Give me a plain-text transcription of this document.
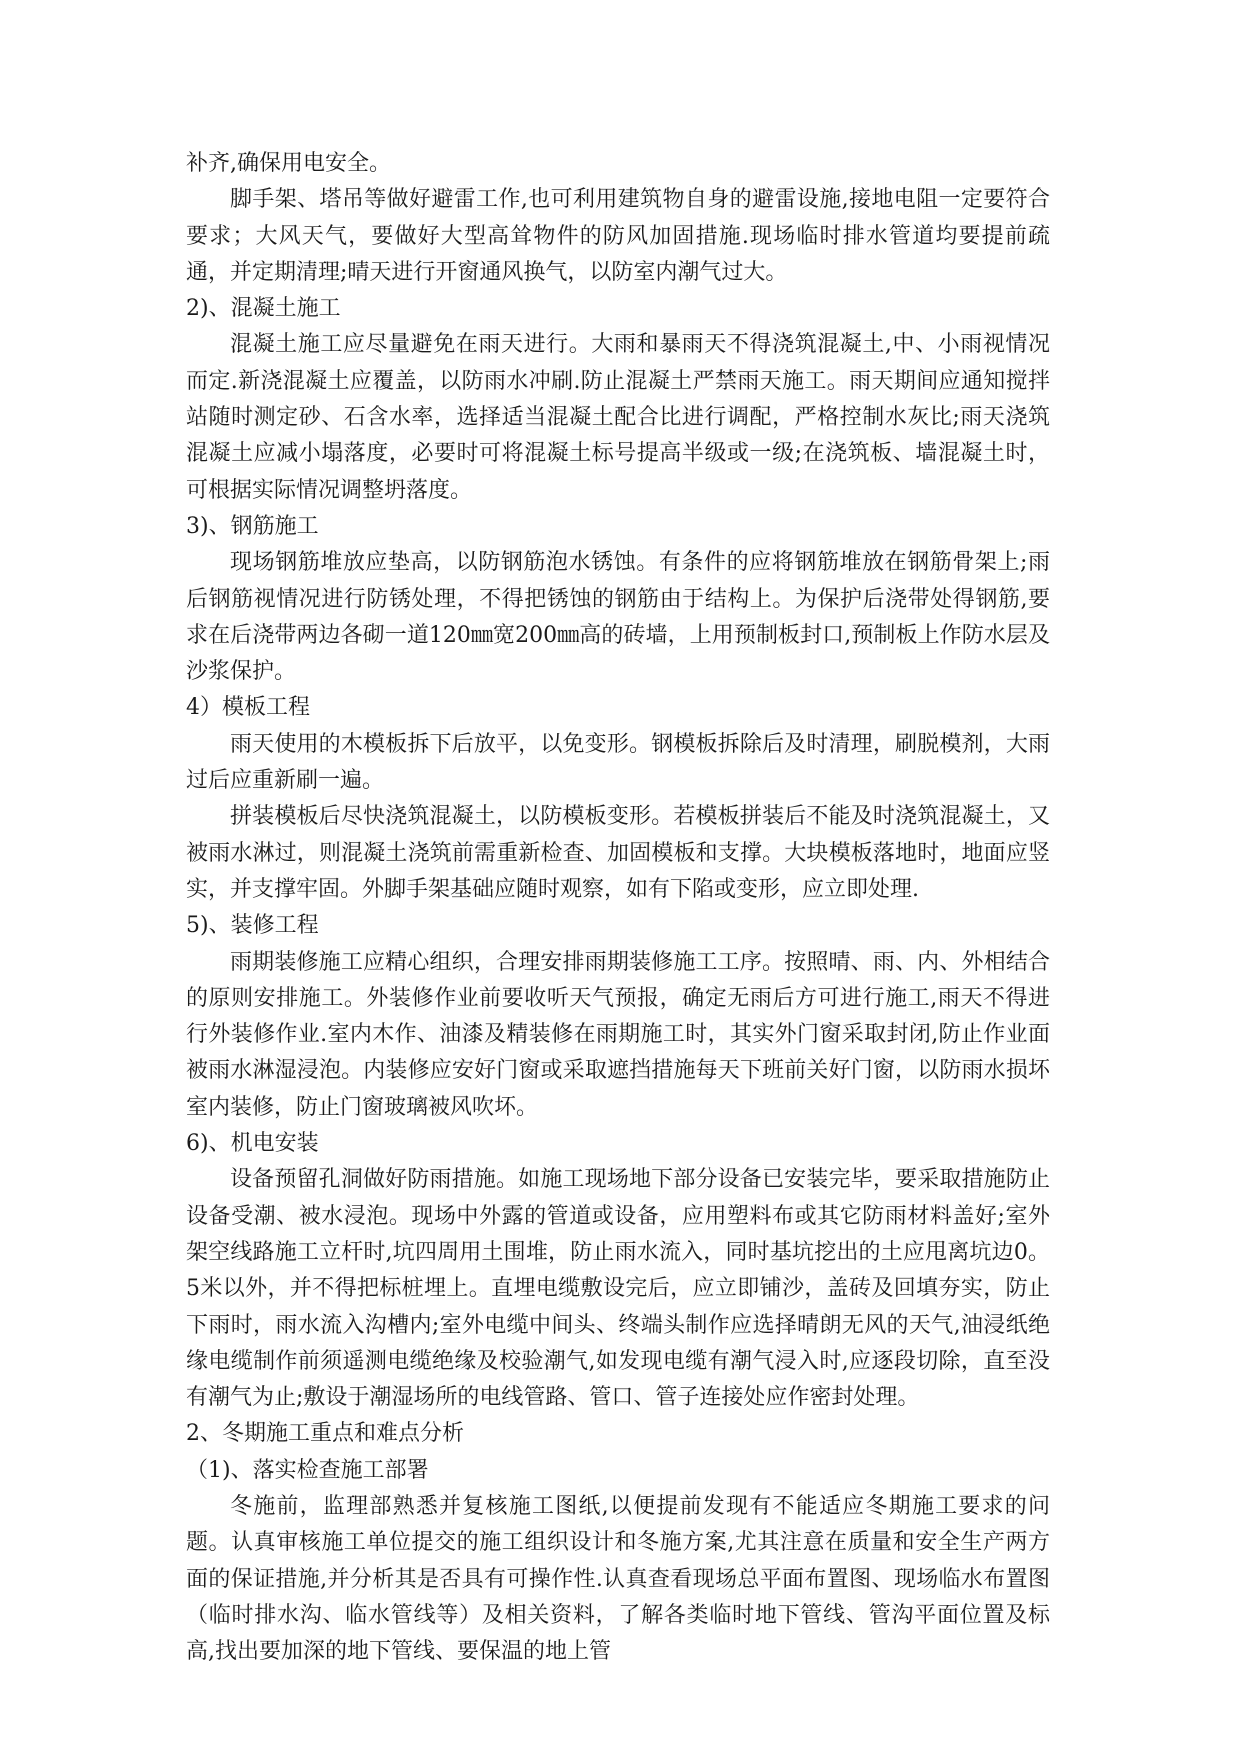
补齐,确保用电安全。

脚手架、塔吊等做好避雷工作,也可利用建筑物自身的避雷设施,接地电阻一定要符合要求；大风天气，要做好大型高耸物件的防风加固措施.现场临时排水管道均要提前疏通，并定期清理;晴天进行开窗通风换气，以防室内潮气过大。

2)、混凝土施工

混凝土施工应尽量避免在雨天进行。大雨和暴雨天不得浇筑混凝土,中、小雨视情况而定.新浇混凝土应覆盖，以防雨水冲刷.防止混凝土严禁雨天施工。雨天期间应通知搅拌站随时测定砂、石含水率，选择适当混凝土配合比进行调配，严格控制水灰比;雨天浇筑混凝土应减小塌落度，必要时可将混凝土标号提高半级或一级;在浇筑板、墙混凝土时，可根据实际情况调整坍落度。

3)、钢筋施工

现场钢筋堆放应垫高，以防钢筋泡水锈蚀。有条件的应将钢筋堆放在钢筋骨架上;雨后钢筋视情况进行防锈处理，不得把锈蚀的钢筋由于结构上。为保护后浇带处得钢筋,要求在后浇带两边各砌一道120㎜宽200㎜高的砖墙，上用预制板封口,预制板上作防水层及沙浆保护。

4）模板工程

雨天使用的木模板拆下后放平，以免变形。钢模板拆除后及时清理，刷脱模剂，大雨过后应重新刷一遍。

拼装模板后尽快浇筑混凝土，以防模板变形。若模板拼装后不能及时浇筑混凝土，又被雨水淋过，则混凝土浇筑前需重新检查、加固模板和支撑。大块模板落地时，地面应竖实，并支撑牢固。外脚手架基础应随时观察，如有下陷或变形，应立即处理.

5)、装修工程

雨期装修施工应精心组织，合理安排雨期装修施工工序。按照晴、雨、内、外相结合的原则安排施工。外装修作业前要收听天气预报，确定无雨后方可进行施工,雨天不得进行外装修作业.室内木作、油漆及精装修在雨期施工时，其实外门窗采取封闭,防止作业面被雨水淋湿浸泡。内装修应安好门窗或采取遮挡措施每天下班前关好门窗，以防雨水损坏室内装修，防止门窗玻璃被风吹坏。

6)、机电安装

设备预留孔洞做好防雨措施。如施工现场地下部分设备已安装完毕，要采取措施防止设备受潮、被水浸泡。现场中外露的管道或设备，应用塑料布或其它防雨材料盖好;室外架空线路施工立杆时,坑四周用土围堆，防止雨水流入，同时基坑挖出的土应甩离坑边0。5米以外，并不得把标桩埋上。直埋电缆敷设完后，应立即铺沙，盖砖及回填夯实，防止下雨时，雨水流入沟槽内;室外电缆中间头、终端头制作应选择晴朗无风的天气,油浸纸绝缘电缆制作前须遥测电缆绝缘及校验潮气,如发现电缆有潮气浸入时,应逐段切除，直至没有潮气为止;敷设于潮湿场所的电线管路、管口、管子连接处应作密封处理。

2、冬期施工重点和难点分析

（1)、落实检查施工部署

冬施前，监理部熟悉并复核施工图纸,以便提前发现有不能适应冬期施工要求的问题。认真审核施工单位提交的施工组织设计和冬施方案,尤其注意在质量和安全生产两方面的保证措施,并分析其是否具有可操作性.认真查看现场总平面布置图、现场临水布置图（临时排水沟、临水管线等）及相关资料，了解各类临时地下管线、管沟平面位置及标高,找出要加深的地下管线、要保温的地上管
